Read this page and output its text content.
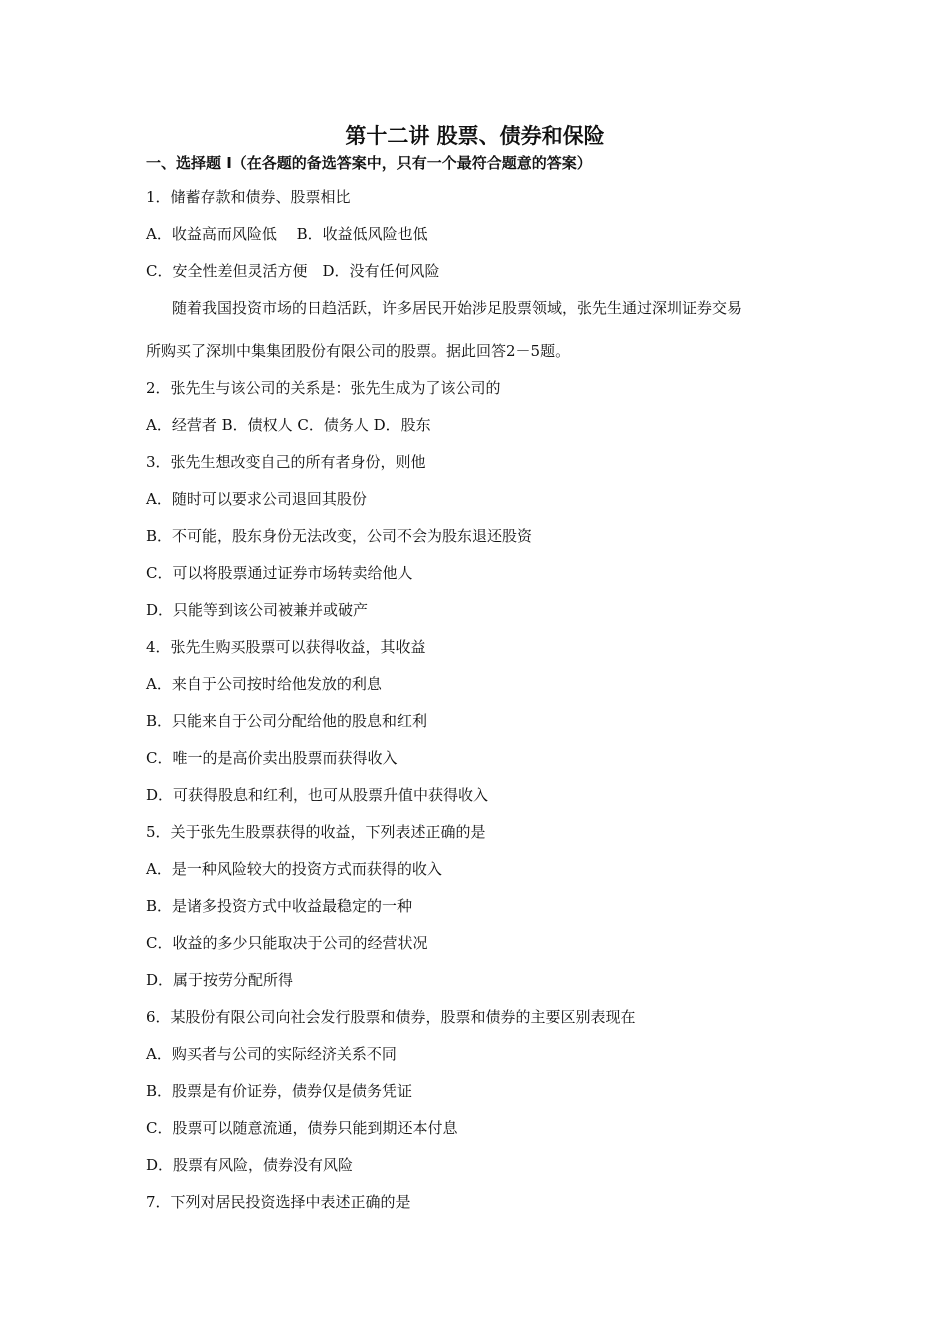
第十二讲 股票、债券和保险
一、选择题 I（在各题的备选答案中，只有一个最符合题意的答案）
1．储蓄存款和债券、股票相比
A．收益高而风险低　 B．收益低风险也低
C．安全性差但灵活方便　D．没有任何风险
随着我国投资市场的日趋活跃，许多居民开始涉足股票领域，张先生通过深圳证券交易
所购买了深圳中集集团股份有限公司的股票。据此回答2－5题。
2．张先生与该公司的关系是：张先生成为了该公司的
A．经营者 B．债权人 C．债务人 D．股东
3．张先生想改变自己的所有者身份，则他
A．随时可以要求公司退回其股份
B．不可能，股东身份无法改变，公司不会为股东退还股资
C．可以将股票通过证券市场转卖给他人
D．只能等到该公司被兼并或破产
4．张先生购买股票可以获得收益，其收益
A．来自于公司按时给他发放的利息
B．只能来自于公司分配给他的股息和红利
C．唯一的是高价卖出股票而获得收入
D．可获得股息和红利，也可从股票升值中获得收入
5．关于张先生股票获得的收益，下列表述正确的是
A．是一种风险较大的投资方式而获得的收入
B．是诸多投资方式中收益最稳定的一种
C．收益的多少只能取决于公司的经营状况
D．属于按劳分配所得
6．某股份有限公司向社会发行股票和债券，股票和债券的主要区别表现在
A．购买者与公司的实际经济关系不同
B．股票是有价证券，债券仅是债务凭证
C．股票可以随意流通，债券只能到期还本付息
D．股票有风险，债券没有风险
7．下列对居民投资选择中表述正确的是
